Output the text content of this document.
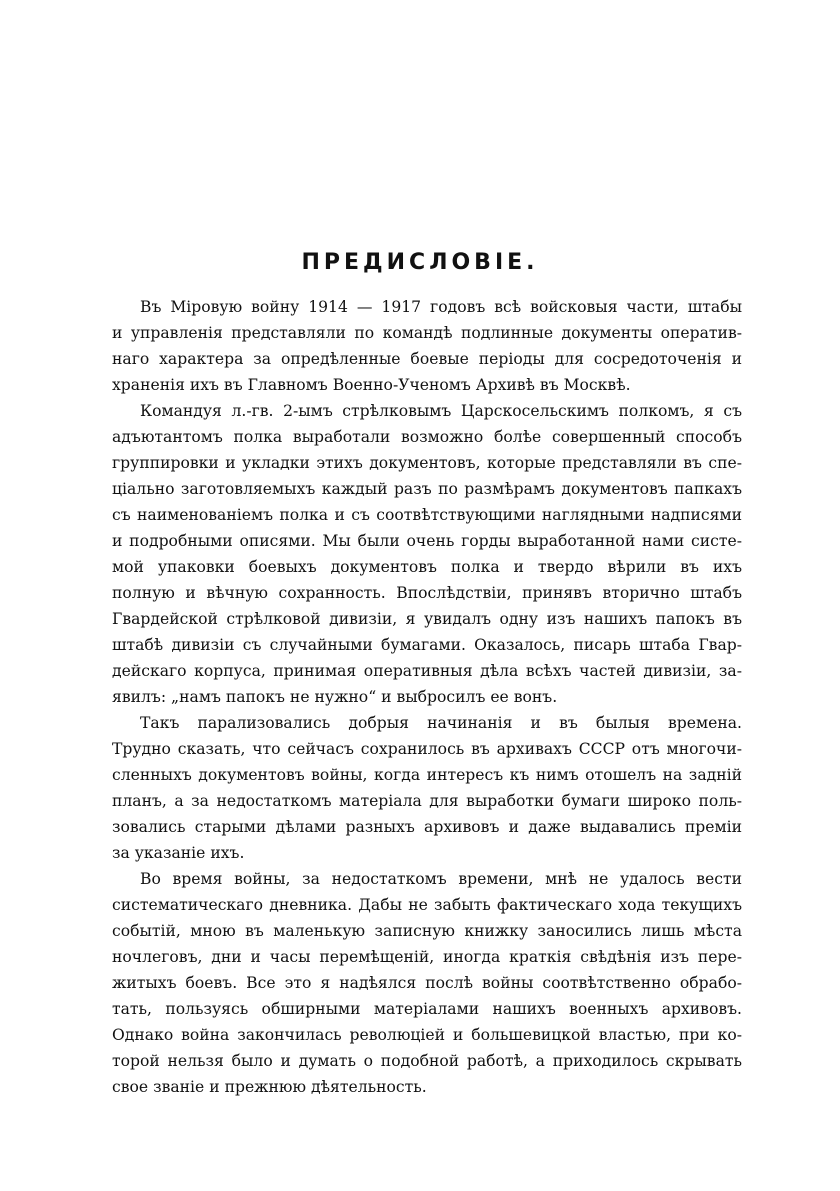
ПРЕДИСЛОВІЕ.
Въ Міровую войну 1914 — 1917 годовъ всѣ войсковыя части, штабы
и управленія представляли по командѣ подлинные документы оператив-
наго характера за опредѣленные боевые періоды для сосредоточенія и
храненія ихъ въ Главномъ Военно-Ученомъ Архивѣ въ Москвѣ.
Командуя л.-гв. 2-ымъ стрѣлковымъ Царскосельскимъ полкомъ, я съ
адъютантомъ полка выработали возможно болѣе совершенный способъ
группировки и укладки этихъ документовъ, которые представляли въ спе-
ціально заготовляемыхъ каждый разъ по размѣрамъ документовъ папкахъ
съ наименованіемъ полка и съ соотвѣтствующими наглядными надписями
и подробными описями. Мы были очень горды выработанной нами систе-
мой упаковки боевыхъ документовъ полка и твердо вѣрили въ ихъ
полную и вѣчную сохранность. Впослѣдствіи, принявъ вторично штабъ
Гвардейской стрѣлковой дивизіи, я увидалъ одну изъ нашихъ папокъ въ
штабѣ дивизіи съ случайными бумагами. Оказалось, писарь штаба Гвар-
дейскаго корпуса, принимая оперативныя дѣла всѣхъ частей дивизіи, за-
явилъ: „намъ папокъ не нужно“ и выбросилъ ее вонъ.
Такъ парализовались добрыя начинанія и въ былыя времена.
Трудно сказать, что сейчасъ сохранилось въ архивахъ СССР отъ многочи-
сленныхъ документовъ войны, когда интересъ къ нимъ отошелъ на задній
планъ, а за недостаткомъ матеріала для выработки бумаги широко поль-
зовались старыми дѣлами разныхъ архивовъ и даже выдавались преміи
за указаніе ихъ.
Во время войны, за недостаткомъ времени, мнѣ не удалось вести
систематическаго дневника. Дабы не забыть фактическаго хода текущихъ
событій, мною въ маленькую записную книжку заносились лишь мѣста
ночлеговъ, дни и часы перемѣщеній, иногда краткія свѣдѣнія изъ пере-
житыхъ боевъ. Все это я надѣялся послѣ войны соотвѣтственно обрабо-
тать, пользуясь обширными матеріалами нашихъ военныхъ архивовъ.
Однако война закончилась революціей и большевицкой властью, при ко-
торой нельзя было и думать о подобной работѣ, а приходилось скрывать
свое званіе и прежнюю дѣятельность.
